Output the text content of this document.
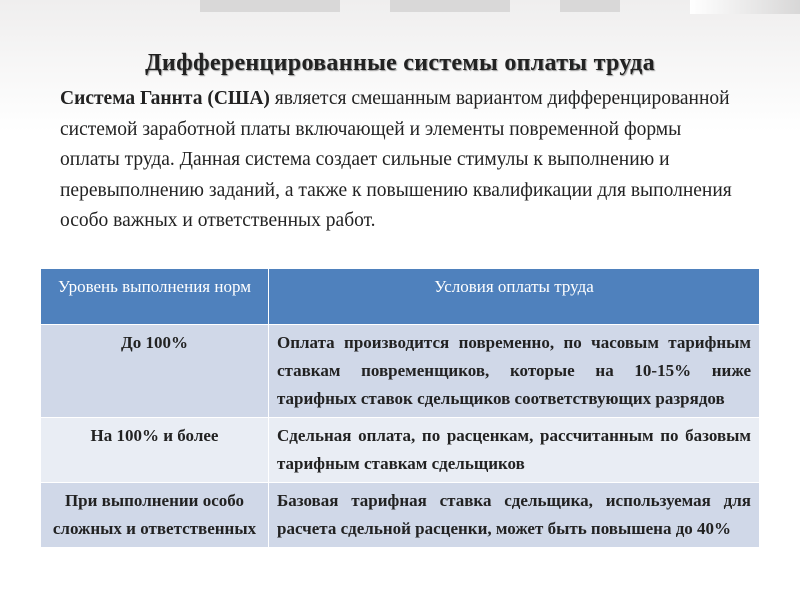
Дифференцированные системы оплаты труда

Система Ганнта (США) является смешанным вариантом дифференцированной системой заработной платы включающей и элементы повременной формы оплаты труда. Данная система создает сильные стимулы к выполнению и перевыполнению заданий, а также к повышению квалификации для выполнения особо важных и ответственных работ.

Уровень выполнения норм	Условия оплаты труда
До 100%	Оплата производится повременно, по часовым тарифным ставкам повременщиков, которые на 10-15% ниже тарифных ставок сдельщиков соответствующих разрядов
На 100% и более	Сдельная оплата, по расценкам, рассчитанным по базовым тарифным ставкам сдельщиков
При выполнении особо сложных и ответственных	Базовая тарифная ставка сдельщика, используемая для расчета сдельной расценки, может быть повышена до 40%
